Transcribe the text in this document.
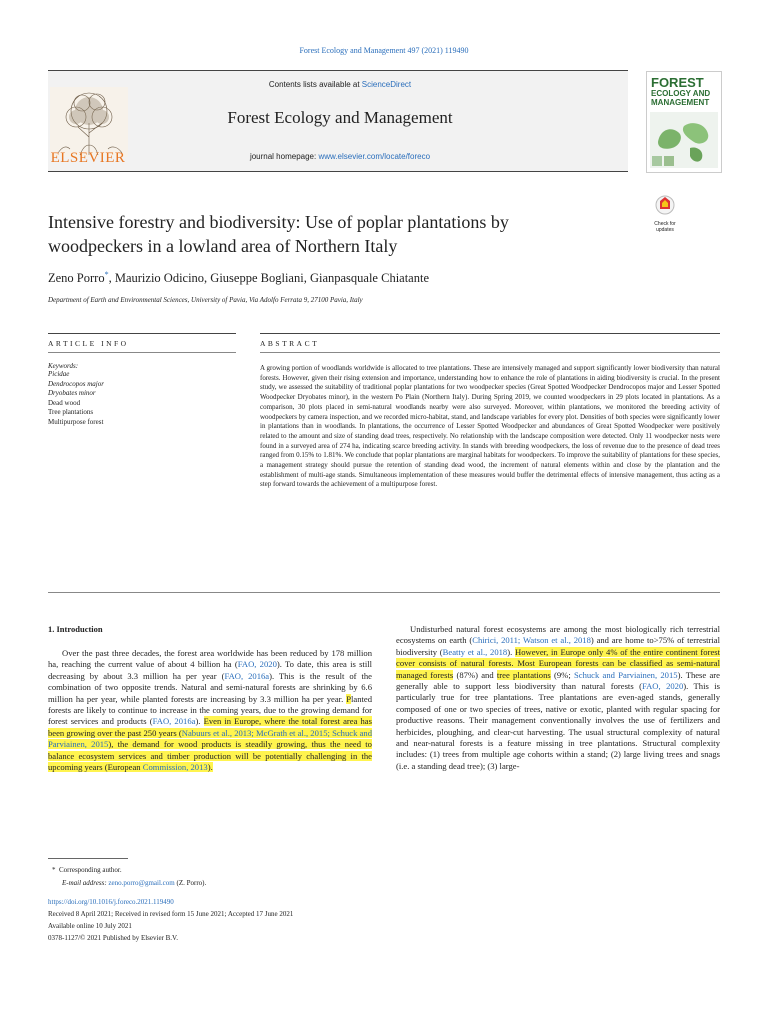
Forest Ecology and Management 497 (2021) 119490
ELSEVIER
Contents lists available at ScienceDirect
Forest Ecology and Management
journal homepage: www.elsevier.com/locate/foreco
FOREST
ECOLOGY AND
MANAGEMENT
Check for updates
Intensive forestry and biodiversity: Use of poplar plantations by woodpeckers in a lowland area of Northern Italy
Zeno Porro*, Maurizio Odicino, Giuseppe Bogliani, Gianpasquale Chiatante
Department of Earth and Environmental Sciences, University of Pavia, Via Adolfo Ferrata 9, 27100 Pavia, Italy
ARTICLE INFO	ABSTRACT
Keywords:
Picidae
Dendrocopos major
Dryobates minor
Dead wood
Tree plantations
Multipurpose forest
A growing portion of woodlands worldwide is allocated to tree plantations. These are intensively managed and support significantly lower biodiversity than natural forests. However, given their rising extension and importance, understanding how to enhance the role of plantations in aiding biodiversity is crucial. In the present study, we assessed the suitability of traditional poplar plantations for two woodpecker species (Great Spotted Woodpecker Dendrocopos major and Lesser Spotted Woodpecker Dryobates minor), in the western Po Plain (Northern Italy). During Spring 2019, we counted woodpeckers in 29 plots located in plantations. As a comparison, 30 plots placed in semi-natural woodlands nearby were also surveyed. Moreover, within plantations, we monitored the breeding activity of woodpeckers by camera inspection, and we recorded micro-habitat, stand, and landscape variables for every plot. Densities of both species were significantly lower in plantations than in woodlands. In plantations, the occurrence of Lesser Spotted Woodpecker and abundances of Great Spotted Woodpecker were positively related to the amount and size of standing dead trees, respectively. No relationship with the landscape composition were detected. Only 11 woodpecker nests were found in a surveyed area of 274 ha, indicating scarce breeding activity. In stands with breeding woodpeckers, the loss of revenue due to the presence of dead trees ranged from 0.15% to 1.81%. We conclude that poplar plantations are marginal habitats for woodpeckers. To improve the suitability of plantations for these species, a management strategy should pursue the retention of standing dead wood, the increment of natural elements within and close by the plantation and the establishment of multi-age stands. Simultaneous implementation of these measures would buffer the detrimental effects of intensive management, thus acting as a step forward towards the achievement of a multipurpose forest.
1. Introduction

Over the past three decades, the forest area worldwide has been reduced by 178 million ha, reaching the current value of about 4 billion ha (FAO, 2020). To date, this area is still decreasing by about 3.3 million ha per year (FAO, 2016a). This is the result of the combination of two opposite trends. Natural and semi-natural forests are shrinking by 6.6 million ha per year, while planted forests are increasing by 3.3 million ha per year. Planted forests are likely to continue to increase in the coming years, due to the growing demand for forest services and products (FAO, 2016a). Even in Europe, where the total forest area has been growing over the past 250 years (Nabuurs et al., 2013; McGrath et al., 2015; Schuck and Parviainen, 2015), the demand for wood products is steadily growing, thus the need to balance ecosystem services and timber production will be potentially challenging in the upcoming years (European Commission, 2013).

Undisturbed natural forest ecosystems are among the most biologically rich terrestrial ecosystems on earth (Chirici, 2011; Watson et al., 2018) and are home to>75% of terrestrial biodiversity (Beatty et al., 2018). However, in Europe only 4% of the entire continent forest cover consists of natural forests. Most European forests can be classified as semi-natural managed forests (87%) and tree plantations (9%; Schuck and Parviainen, 2015). These are generally able to support less biodiversity than natural forests (FAO, 2020). This is particularly true for tree plantations. Tree plantations are even-aged stands, generally composed of one or two species of trees, native or exotic, planted with regular spacing for productive reasons. Their management conventionally involves the use of fertilizers and herbicides, ploughing, and clear-cut harvesting. The usual structural complexity of natural and near-natural forests is a feature missing in tree plantations. Structural complexity includes: (1) trees from multiple age cohorts within a stand; (2) large living trees and snags (i.e. a standing dead tree); (3) large-

* Corresponding author.
E-mail address: zeno.porro@gmail.com (Z. Porro).
https://doi.org/10.1016/j.foreco.2021.119490
Received 8 April 2021; Received in revised form 15 June 2021; Accepted 17 June 2021
Available online 10 July 2021
0378-1127/© 2021 Published by Elsevier B.V.
